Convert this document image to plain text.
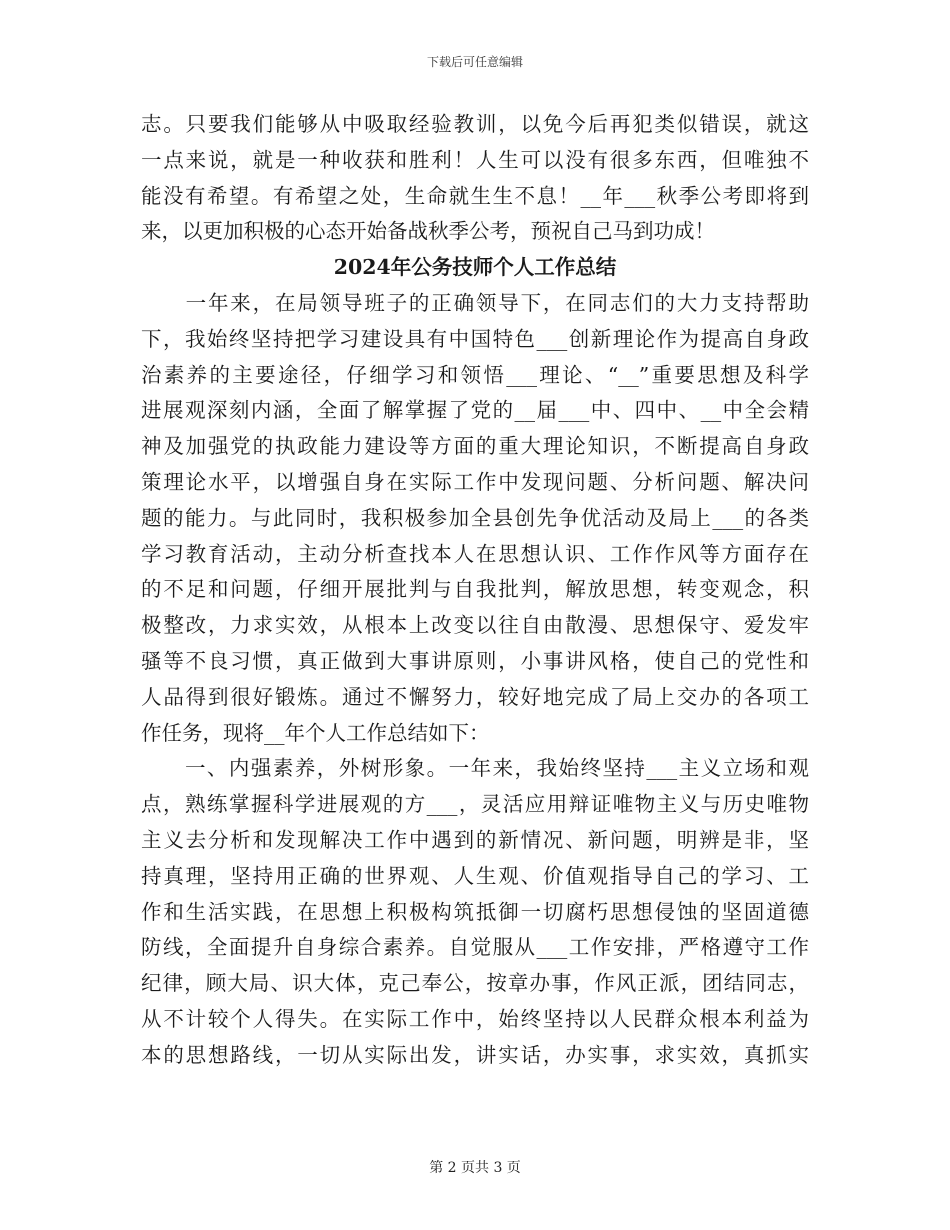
下载后可任意编辑
志。只要我们能够从中吸取经验教训，以免今后再犯类似错误，就这
一点来说，就是一种收获和胜利！人生可以没有很多东西，但唯独不
能没有希望。有希望之处，生命就生生不息！__年___秋季公考即将到
来，以更加积极的心态开始备战秋季公考，预祝自己马到功成！
2024年公务技师个人工作总结
　　一年来，在局领导班子的正确领导下，在同志们的大力支持帮助
下，我始终坚持把学习建设具有中国特色___创新理论作为提高自身政
治素养的主要途径，仔细学习和领悟___理论、“__”重要思想及科学
进展观深刻内涵，全面了解掌握了党的__届___中、四中、__中全会精
神及加强党的执政能力建设等方面的重大理论知识，不断提高自身政
策理论水平，以增强自身在实际工作中发现问题、分析问题、解决问
题的能力。与此同时，我积极参加全县创先争优活动及局上___的各类
学习教育活动，主动分析查找本人在思想认识、工作作风等方面存在
的不足和问题，仔细开展批判与自我批判，解放思想，转变观念，积
极整改，力求实效，从根本上改变以往自由散漫、思想保守、爱发牢
骚等不良习惯，真正做到大事讲原则，小事讲风格，使自己的党性和
人品得到很好锻炼。通过不懈努力，较好地完成了局上交办的各项工
作任务，现将__年个人工作总结如下：
　　一、内强素养，外树形象。一年来，我始终坚持___主义立场和观
点，熟练掌握科学进展观的方___，灵活应用辩证唯物主义与历史唯物
主义去分析和发现解决工作中遇到的新情况、新问题，明辨是非，坚
持真理，坚持用正确的世界观、人生观、价值观指导自己的学习、工
作和生活实践，在思想上积极构筑抵御一切腐朽思想侵蚀的坚固道德
防线，全面提升自身综合素养。自觉服从___工作安排，严格遵守工作
纪律，顾大局、识大体，克己奉公，按章办事，作风正派，团结同志，
从不计较个人得失。在实际工作中，始终坚持以人民群众根本利益为
本的思想路线，一切从实际出发，讲实话，办实事，求实效，真抓实
第 2 页共 3 页
